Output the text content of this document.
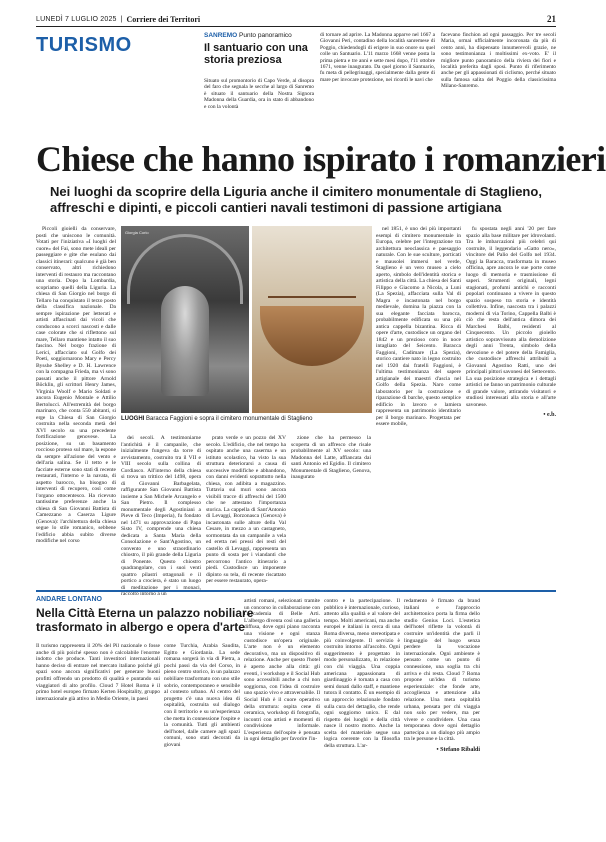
LUNEDÌ 7 LUGLIO 2025 | Corriere dei Territori	21
TURISMO	SANREMO Punto panoramico
Il santuario con una storia preziosa
Situato sul promontorio di Capo Verde, al disopra del faro che segnala le secche al largo di Sanremo è situato il santuario della Nostra Signora Madonna della Guardia, ora in stato di abbandono e con la volontà
di tornare ad aprire. La Madonna apparve nel 1667 a Giovanni Peri, contadino della località sanremese di Poggio, chiedendogli di erigere in suo onore su quel colle un Santuario. L'11 marzo 1668 venne posta la prima pietra e tre anni e sette mesi dopo, l'11 ottobre 1671, venne inaugurato. Da quel giorno il Santuario, fu meta di pellegrinaggi, specialmente dalla gente di mare per invocare protezione, nei ricordi le navi che
facevano finchion ad ogni passaggio. Per tre secoli Maria, ormai ufficialmente incoronata da più di cento anni, ha dispensato innumerevoli grazie, ne sono testimonianza i moltissimi ex-voto. E' il migliore punto panoramico della riviera dei fiori e località preferita dagli sposi. Punto di riferimento anche per gli appassionati di ciclismo, perché situato sulla famosa salita del Poggio della classicissima Milano-Sanremo.
Chiese che hanno ispirato i romanzieri
Nei luoghi da scoprire della Liguria anche il cimitero monumentale di Staglieno, affreschi e dipinti, e piccoli cantieri navali testimoni di passione artigiana

Piccoli gioielli da conservare, posti che uniscono le comunità. Votati per l'iniziativa «I luoghi del cuore» del Fai, sono mete ideali per passeggiare e gite che esulano dai classici itinerari: qualcuno è già ben conservato, altri richiedono interventi di restauro ma raccontano una storia. Dopo la Lombardia, scopriamo quelli della Liguria. La chiesa di San Giorgio nel borgo di Tellaro ha conquistato il terzo posto della classifica nazionale. Da sempre ispirazione per letterati e artisti affascinati dai vicoli che conducono a scorci nascosti e dalle case colorate che si riflettono sul mare, Tellaro mantiene intatto il suo fascino. Nel borgo frazione di Lerici, affacciato sul Golfo dei Poeti, soggiornarono Mary e Percy Bysshe Shelley e D. H. Lawrence con la compagna Frieda, ma vi sono passati anche il pittore Arnold Böcklin, gli scrittori Henry James, Virginia Woolf e Mario Soldati e ancora Eugenio Montale e Attilio Bertolucci. All'estremità del borgo marinaro, che conta 550 abitanti, si erge la Chiesa di San Giorgio costruita nella seconda metà del XVI secolo su una precedente fortificazione genovese. La posizione, su un basamento roccioso proteso sul mare, la espone da sempre all'azione del vento e dell'aria salina. Se il tetto e le facciate esterne sono stati di recente restaurati, l'interno e la navata, di aspetto barocco, ha bisogno di interventi di recupero, così come l'organo ottocentesco. Ha ricevuto tantissime preferenze anche la chiesa di San Giovanni Battista di Camezzano a Caserza Ligure (Genova): l'architettura della chiesa segue lo stile romanico, sebbene l'edificio abbia subìto diverse modifiche nel corso

Giorgia Corio
LUOGHI Baracca Faggioni e sopra il cimitero monumentale di Staglieno

dei secoli. A testimoniarne l'antichità è il campanile, che inizialmente fungeva da torre di avvistamento, costruito tra il VII e VIII secolo sulla collina di Cordiasco. All'interno della chiesa si trova un trittico del 1498, opera di Giovanni Barbagelata, raffigurante San Giovanni Battista insieme a San Michele Arcangelo e San Pietro. Il complesso monumentale degli Agostiniani a Pieve di Teco (Imperia), fu fondato nel 1471 su approvazione di Papa Sisto IV, comprende una chiesa dedicata a Santa Maria della Consolazione e Sant'Agostino, un convento e uno straordinario chiostro, il più grande della Liguria di Ponente. Questo chiostro quadrangolare, con i suoi venti quattro pilastri ottagonali e il portico a crociera, è stato un luogo di meditazione per i monaci, raccolto intorno a un

prato verde e un pozzo del XV secolo. L'edificio, che nel tempo ha ospitato anche una caserma e un istituto scolastico, ha visto la sua struttura deteriorarsi a causa di successive modifiche e abbandono, con danni evidenti soprattutto nella chiesa, con adibita a magazzino. Tuttavia sui muri sono ancora visibili tracce di affreschi del 1500 che ne attestano l'importanza storica. La cappella di Sant'Antonio di Levaggi, Borzonasca (Genova) è incastonata sulle alture della Val Cesare, in mezzo a un castagneto, sormontata da un campanile a vela ed eretta nei pressi dei resti del castello di Levaggi, rappresenta un punto di sosta per i viandanti che percorrono l'antico itinerario a piedi. Custodisce un imponente dipinto su tela, di recente riscattato per essere restaurato, opera-

zione che ha permesso la scoperta di un affresco che risale probabilmente al XV secolo: una Madonna del Latte, affiancata dai santi Antonio ed Egidio. Il cimitero Monumentale di Staglieno, Genova, inaugurato

nel 1851, è uno dei più importanti esempi di cimitero monumentale in Europa, celebre per l'integrazione tra architettura neoclassica e paesaggio naturale. Con le sue sculture, porticati e mausolei immersi nel verde, Staglieno è un vero museo a cielo aperto, simbolo dell'identità storica e artistica della città. La chiesa dei Santi Filippo e Giacomo a Nicola, a Luni (La Spezia), affacciata sulla Val di Magra e incastonata nel borgo medievale, domina la piazza con la sua elegante facciata barocca, probabilmente edificata su una più antica cappella bizantina. Ricca di opere d'arte, custodisce un organo del 1842 e un prezioso coro in noce intagliato del Seicento. Baracca Faggioni, Cadimare (La Spezia), storico cantiere nato in legno costruito nel 1920 dai fratelli Faggioni, è l'ultima testimonianza del sapere artigianale dei maestri d'ascia nel Golfo della Spezia. Naro come laboratorio per la costruzione e riparazione di barche, questo semplice edificio in lavoro e lamiera rappresenta un patrimonio identitario per il borgo marinaro. Progettata per essere mobile,

fu spostata negli anni '20 per fare spazio alla base militare per idrovolanti. Tra le imbarcazioni più celebri qui costruite, il leggendario «Gatto nero», vincitore del Palio del Golfo nel 1934. Oggi la Baracca, trasformata in museo officina, apre ancora le sue porte come luogo di memoria e trasmissione di saperi. Strumenti originali, legni stagionati, profumi antichi e racconti popolari continuano a vivere in questo spazio sospeso tra storia e identità collettiva. Infine, nascosta tra i palazzi moderni di via Torino, Cappella Balbi è ciò che resta dell'antica dimora dei Marchesi Balbi, residenti al Cinquecento. Un piccolo gioiello artistico sopravvissuto alla demolizione degli anni Trenta, simbolo della devozione e del potere della Famiglia, che custodisce affreschi attribuiti a Giovanni Agostino Ratti, uno dei principali pittori savonesi del Settecento. La sua posizione strategica e i dettagli artistici ne fanno un patrimonio culturale di grande valore, attirando visitatori e studiosi interessati alla storia e all'arte savonese.

• e.b.
ANDARE LONTANO
Nella Città Eterna un palazzo nobiliare trasformato in albergo e opera d'arte
Il turismo rappresenta il 20% del Pil nazionale o fosse anche di più poiché spesso non è calcolabile l'enorme indotto che produce. Tanti investitori internazionali hanno deciso di entrare nel mercato italiano poiché gli spazi sono ancora significativi per generare buoni profitti offrendo un prodotto di qualità e puntando sui viaggiatori di alto profilo. Cloud 7 Hotel Roma è il primo hotel europeo firmato Kerten Hospitality, gruppo internazionale già attivo in Medio Oriente, in paesi
come Turchia, Arabia Saudita, Egitto e Giordania. La sede romana sorgerà in via di Pietra, a pochi passi da via del Corso, in pieno centro storico, in un palazzo nobiliare trasformato con uno stile sobrio, contemporaneo e sensibile al contesto urbano. Al centro del progetto c'è una nuova idea di ospitalità, costruita sul dialogo con il territorio e su un'esperienza che metta in connessione l'ospite e la comunità. Tutti gli ambienti dell'hotel, dalle camere agli spazi comuni, sono stati decorati da giovani
artisti romani, selezionati tramite un concorso in collaborazione con l'Accademia di Belle Arti. L'albergo diventa così una galleria diffusa, dove ogni piano racconta una visione e ogni stanza custodisce un'opera originale. L'arte non è un elemento decorativo, ma un dispositivo di relazione. Anche per questo l'hotel è aperto anche alla città: gli eventi, i workshop e il Social Hub sono accessibili anche a chi non soggiorna, con l'idea di costruire uno spazio vivo e attraversabile. Il Social Hub è il cuore operativo della struttura: ospita cene di ceramica, workshop di fotografia, incontri con artisti e momenti di condivisione informale. L'esperienza dell'ospite è pensata in ogni dettaglio per favorire l'in-
contro e la partecipazione. Il pubblico è internazionale, curioso, attento alla qualità e al valore del tempo. Molti americani, ma anche europei e italiani in cerca di una Roma diversa, meno stereotipata e più coinvolgente. Il servizio è costruito intorno all'ascolto. Ogni suggerimento è progettato in modo personalizzato, in relazione con chi viaggia. Una coppia americana appassionata di giardinaggio è tornata a casa con semi donati dallo staff, e mantiene tutora il contatto. È un esempio di un approccio relazionale fondato sulla cura del dettaglio, che rende ogni soggiorno unico. E dal rispetto dei luoghi e della città nasce il nostro motto. Anche la scelta del materiale segue una logica coerente con la filosofia della struttura. L'ar-
redamento è firmato da brand italiani e l'approccio architettonico porta la firma dello studio Genius Loci. L'estetica dell'hotel riflette la volontà di costruire un'identità che parli il linguaggio del luogo senza perdere la vocazione internazionale. Ogni ambiente è pensato come un punto di connessione, una soglia tra chi arriva e chi resta. Cloud 7 Roma propone un'idea di turismo esperienziale: che fonde arte, accoglienza e attenzione alla relazione. Una meta ospitalità urbana, pensata per chi viaggia non solo per vedere, ma per vivere e condividere. Una casa temporanea dove ogni dettaglio partecipa a un dialogo più ampio tra le persone e la città.
• Stefano Ribaldi
